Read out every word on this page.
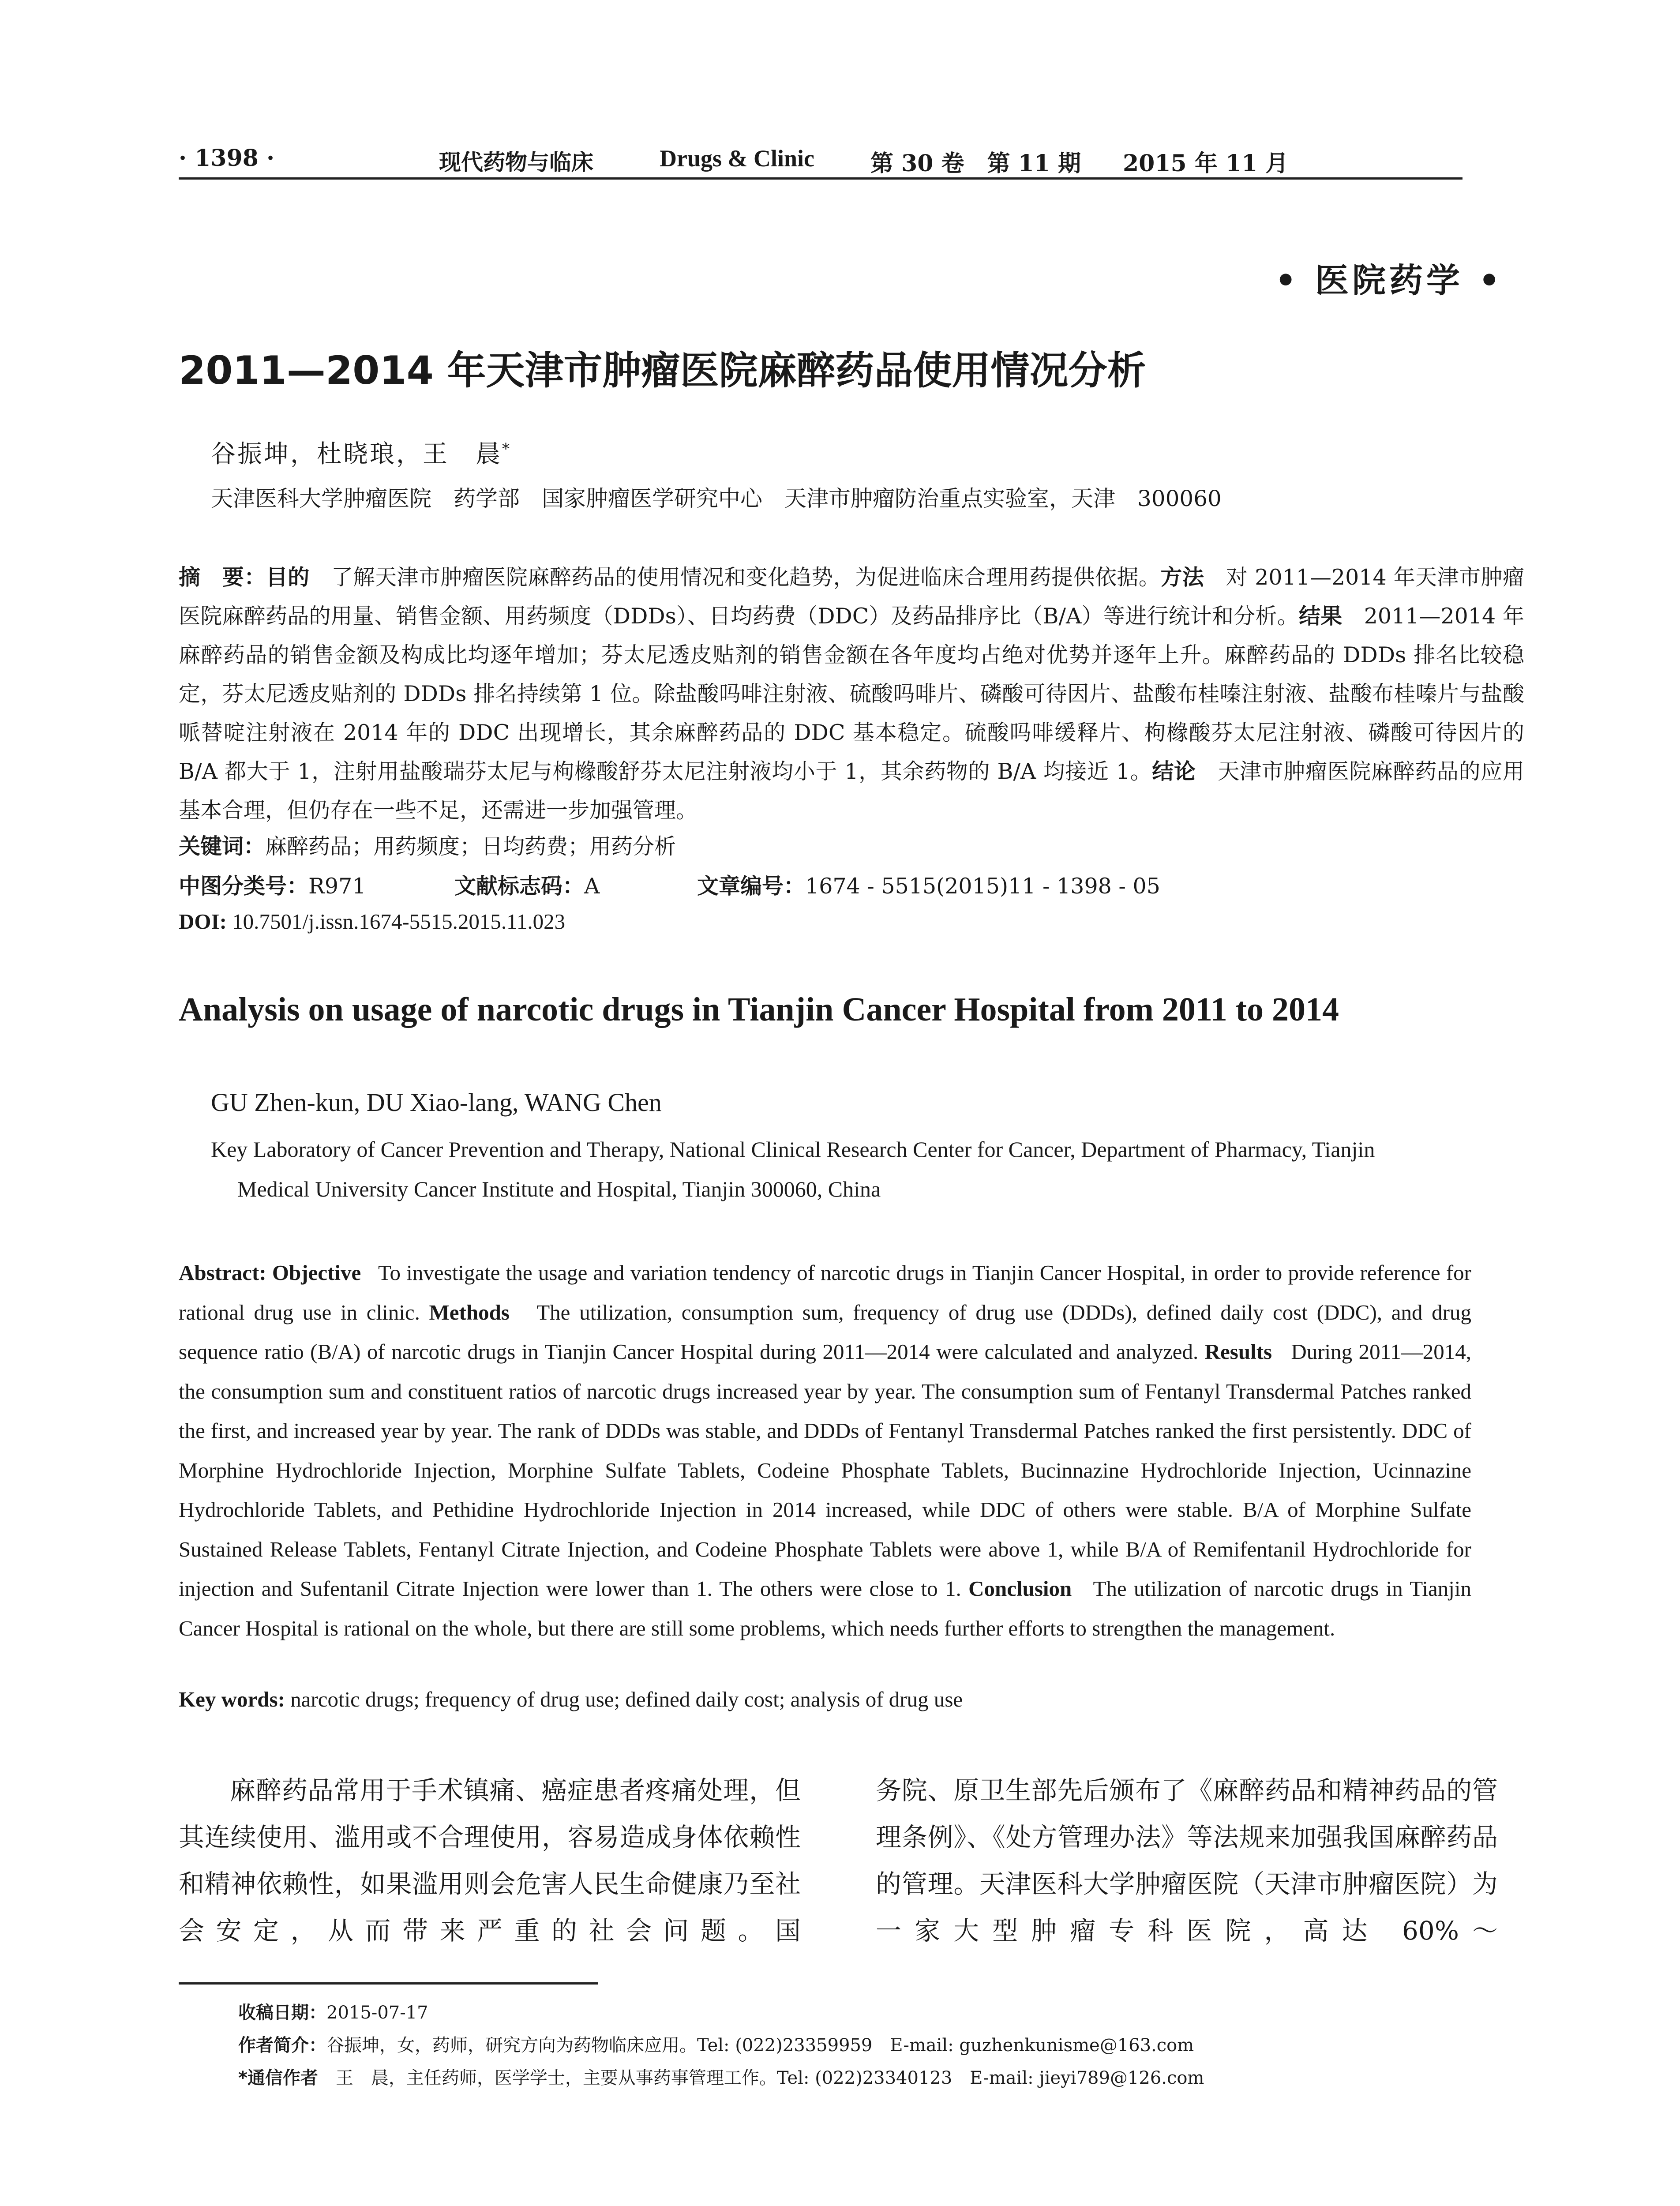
· 1398 ·	现代药物与临床	Drugs & Clinic 第 30 卷　第 11 期 2015 年 11 月
• 医院药学 •
2011—2014 年天津市肿瘤医院麻醉药品使用情况分析
谷振坤，杜晓琅，王　晨*
天津医科大学肿瘤医院　药学部　国家肿瘤医学研究中心　天津市肿瘤防治重点实验室，天津　300060
摘　要：目的　 了解天津市肿瘤医院麻醉药品的使用情况和变化趋势，为促进临床合理用药提供依据。方法　 对 2011—2014 年天津市肿瘤医院麻醉药品的用量、销售金额、用药频度（DDDs）、日均药费（DDC）及药品排序比（B/A）等进行统计和分析。结果　 2011—2014 年麻醉药品的销售金额及构成比均逐年增加；芬太尼透皮贴剂的销售金额在各年度均占绝对优势并逐年上升。麻醉药品的 DDDs 排名比较稳定，芬太尼透皮贴剂的 DDDs 排名持续第 1 位。除盐酸吗啡注射液、硫酸吗啡片、磷酸可待因片、盐酸布桂嗪注射液、盐酸布桂嗪片与盐酸哌替啶注射液在 2014 年的 DDC 出现增长，其余麻醉药品的 DDC 基本稳定。硫酸吗啡缓释片、枸橼酸芬太尼注射液、磷酸可待因片的 B/A 都大于 1，注射用盐酸瑞芬太尼与枸橼酸舒芬太尼注射液均小于 1，其余药物的 B/A 均接近 1。结论　 天津市肿瘤医院麻醉药品的应用基本合理，但仍存在一些不足，还需进一步加强管理。
关键词：麻醉药品；用药频度；日均药费；用药分析
中图分类号：R971	文献标志码：A	文章编号：1674 - 5515(2015)11 - 1398 - 05
DOI: 10.7501/j.issn.1674-5515.2015.11.023
Analysis on usage of narcotic drugs in Tianjin Cancer Hospital from 2011 to 2014
GU Zhen-kun, DU Xiao-lang, WANG Chen
Key Laboratory of Cancer Prevention and Therapy, National Clinical Research Center for Cancer, Department of Pharmacy, Tianjin
Medical University Cancer Institute and Hospital, Tianjin 300060, China
Abstract: Objective To investigate the usage and variation tendency of narcotic drugs in Tianjin Cancer Hospital, in order to provide reference for rational drug use in clinic. Methods The utilization, consumption sum, frequency of drug use (DDDs), defined daily cost (DDC), and drug sequence ratio (B/A) of narcotic drugs in Tianjin Cancer Hospital during 2011—2014 were calculated and analyzed. Results During 2011—2014, the consumption sum and constituent ratios of narcotic drugs increased year by year. The consumption sum of Fentanyl Transdermal Patches ranked the first, and increased year by year. The rank of DDDs was stable, and DDDs of Fentanyl Transdermal Patches ranked the first persistently. DDC of Morphine Hydrochloride Injection, Morphine Sulfate Tablets, Codeine Phosphate Tablets, Bucinnazine Hydrochloride Injection, Ucinnazine Hydrochloride Tablets, and Pethidine Hydrochloride Injection in 2014 increased, while DDC of others were stable. B/A of Morphine Sulfate Sustained Release Tablets, Fentanyl Citrate Injection, and Codeine Phosphate Tablets were above 1, while B/A of Remifentanil Hydrochloride for injection and Sufentanil Citrate Injection were lower than 1. The others were close to 1. Conclusion The utilization of narcotic drugs in Tianjin Cancer Hospital is rational on the whole, but there are still some problems, which needs further efforts to strengthen the management.
Key words: narcotic drugs; frequency of drug use; defined daily cost; analysis of drug use
麻醉药品常用于手术镇痛、癌症患者疼痛处理，但其连续使用、滥用或不合理使用，容易造成身体依赖性和精神依赖性，如果滥用则会危害人民生命健康乃至社会安定，从而带来严重的社会问题。国
务院、原卫生部先后颁布了《麻醉药品和精神药品的管理条例》、《处方管理办法》等法规来加强我国麻醉药品的管理。天津医科大学肿瘤医院（天津市肿瘤医院）为一家大型肿瘤专科医院，高达 60%～
收稿日期：2015-07-17
作者简介：谷振坤，女，药师，研究方向为药物临床应用。Tel: (022)23359959　E-mail: guzhenkunisme@163.com
*通信作者　 王　晨，主任药师，医学学士，主要从事药事管理工作。Tel: (022)23340123　E-mail: jieyi789@126.com
